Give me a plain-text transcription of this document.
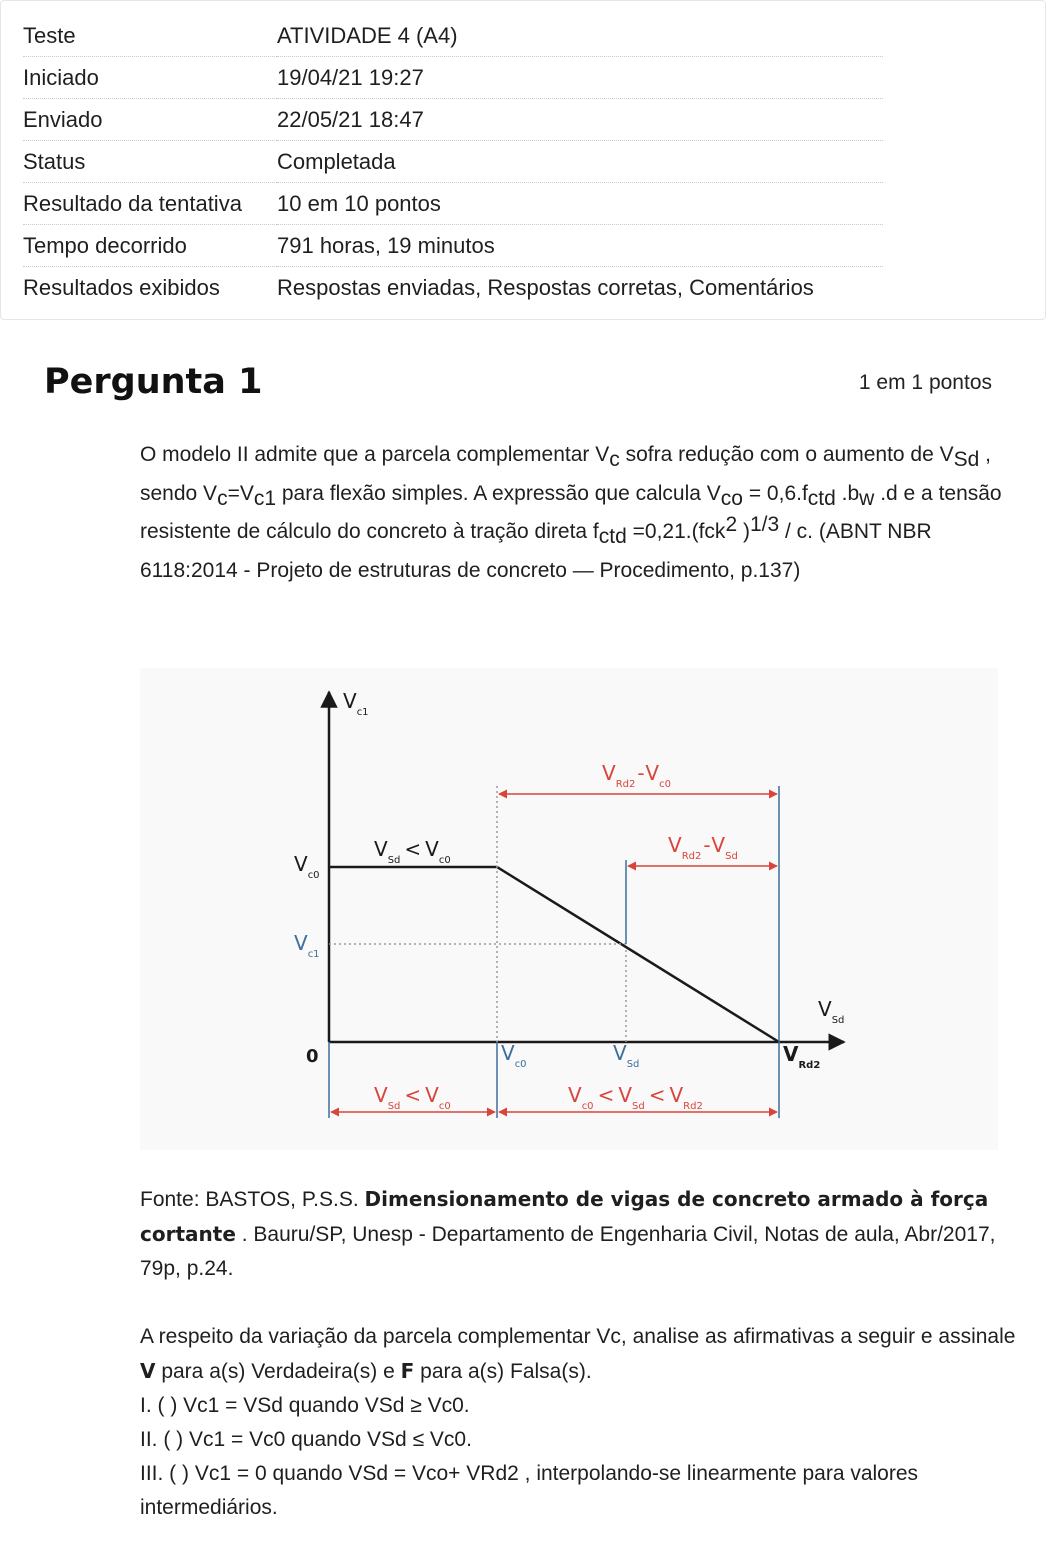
Teste	ATIVIDADE 4 (A4)
Iniciado	19/04/21 19:27
Enviado	22/05/21 18:47
Status	Completada
Resultado da tentativa	10 em 10 pontos
Tempo decorrido	791 horas, 19 minutos
Resultados exibidos	Respostas enviadas, Respostas corretas, Comentários
Pergunta 1	1 em 1 pontos
O modelo II admite que a parcela complementar $V_c$ sofra redução com o aumento de $V_{Sd}$ , sendo $V_c=V_{c1}$ para flexão simples. A expressão que calcula $V_{co} = 0,6.f_{ctd}$ $.b_w$ .d e a tensão resistente de cálculo do concreto à tração direta $f_{ctd} =0,21.(fck^2$ )$^{1/3}$ / c. (ABNT NBR 6118:2014 - Projeto de estruturas de concreto — Procedimento, p.137)
$V_{c1}$
$V_{c0}$
$V_{c1}$
0
$V_{Sd}$
$V_{Sd} < V_{c0}$
$V_{Rd2} - V_{c0}$
$V_{Rd2} - V_{Sd}$
$V_{c0}$	$V_{Sd}$	$V_{Rd2}$
$V_{Sd} < V_{c0}$	$V_{c0} < V_{Sd} < V_{Rd2}$
Fonte: BASTOS, P.S.S. Dimensionamento de vigas de concreto armado à força cortante . Bauru/SP, Unesp - Departamento de Engenharia Civil, Notas de aula, Abr/2017, 79p, p.24.
A respeito da variação da parcela complementar Vc, analise as afirmativas a seguir e assinale V para a(s) Verdadeira(s) e F para a(s) Falsa(s).
I. ( ) Vc1 = VSd quando VSd ≥ Vc0.
II. ( ) Vc1 = Vc0 quando VSd ≤ Vc0.
III. ( ) Vc1 = 0 quando VSd = Vco+ VRd2 , interpolando-se linearmente para valores intermediários.
